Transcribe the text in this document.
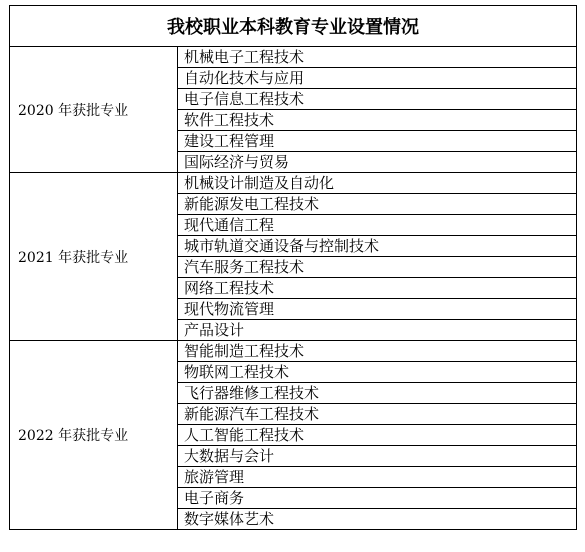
我校职业本科教育专业设置情况	
2020 年获批专业	机械电子工程技术
	自动化技术与应用
	电子信息工程技术
	软件工程技术
	建设工程管理
	国际经济与贸易
2021 年获批专业	机械设计制造及自动化
	新能源发电工程技术
	现代通信工程
	城市轨道交通设备与控制技术
	汽车服务工程技术
	网络工程技术
	现代物流管理
	产品设计
2022 年获批专业	智能制造工程技术
	物联网工程技术
	飞行器维修工程技术
	新能源汽车工程技术
	人工智能工程技术
	大数据与会计
	旅游管理
	电子商务
	数字媒体艺术
